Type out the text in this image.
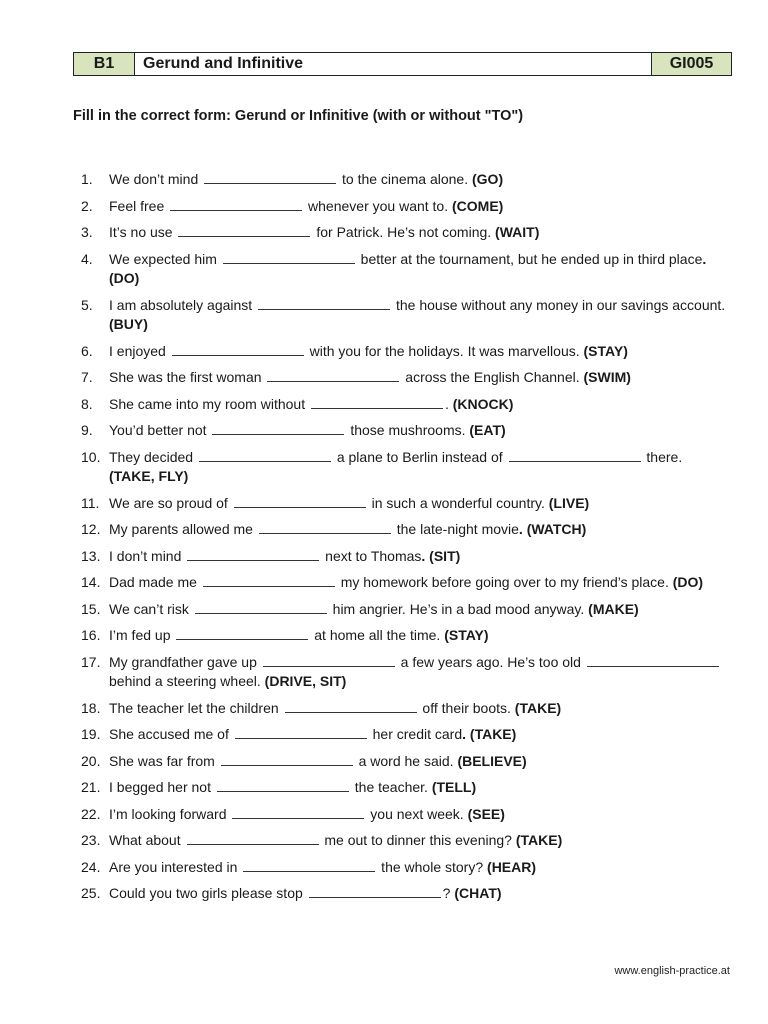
B1	Gerund and Infinitive	GI005
Fill in the correct form: Gerund or Infinitive (with or without "TO")
1.	We don’t mind	to the cinema alone. (GO)
2.	Feel free	whenever you want to. (COME)
3.	It’s no use	for Patrick. He’s not coming. (WAIT)
4.	We expected him	better at the tournament, but he ended up in third place. (DO)
5.	I am absolutely against	the house without any money in our savings account. (BUY)
6.	I enjoyed	with you for the holidays. It was marvellous. (STAY)
7.	She was the first woman	across the English Channel. (SWIM)
8.	She came into my room without	. (KNOCK)
9.	You’d better not	those mushrooms. (EAT)
10. They decided	a plane to Berlin instead of	there. (TAKE, FLY)
11. We are so proud of	in such a wonderful country. (LIVE)
12. My parents allowed me	the late-night movie. (WATCH)
13. I don’t mind	next to Thomas. (SIT)
14. Dad made me	my homework before going over to my friend’s place. (DO)
15. We can’t risk	him angrier. He’s in a bad mood anyway. (MAKE)
16. I’m fed up	at home all the time. (STAY)
17. My grandfather gave up	a few years ago. He’s too old  behind a steering wheel. (DRIVE, SIT)
18. The teacher let the children	off their boots. (TAKE)
19. She accused me of	her credit card. (TAKE)
20. She was far from	a word he said. (BELIEVE)
21. I begged her not	the teacher. (TELL)
22. I’m looking forward	you next week. (SEE)
23. What about	me out to dinner this evening? (TAKE)
24. Are you interested in	the whole story? (HEAR)
25. Could you two girls please stop	? (CHAT)
www.english-practice.at
